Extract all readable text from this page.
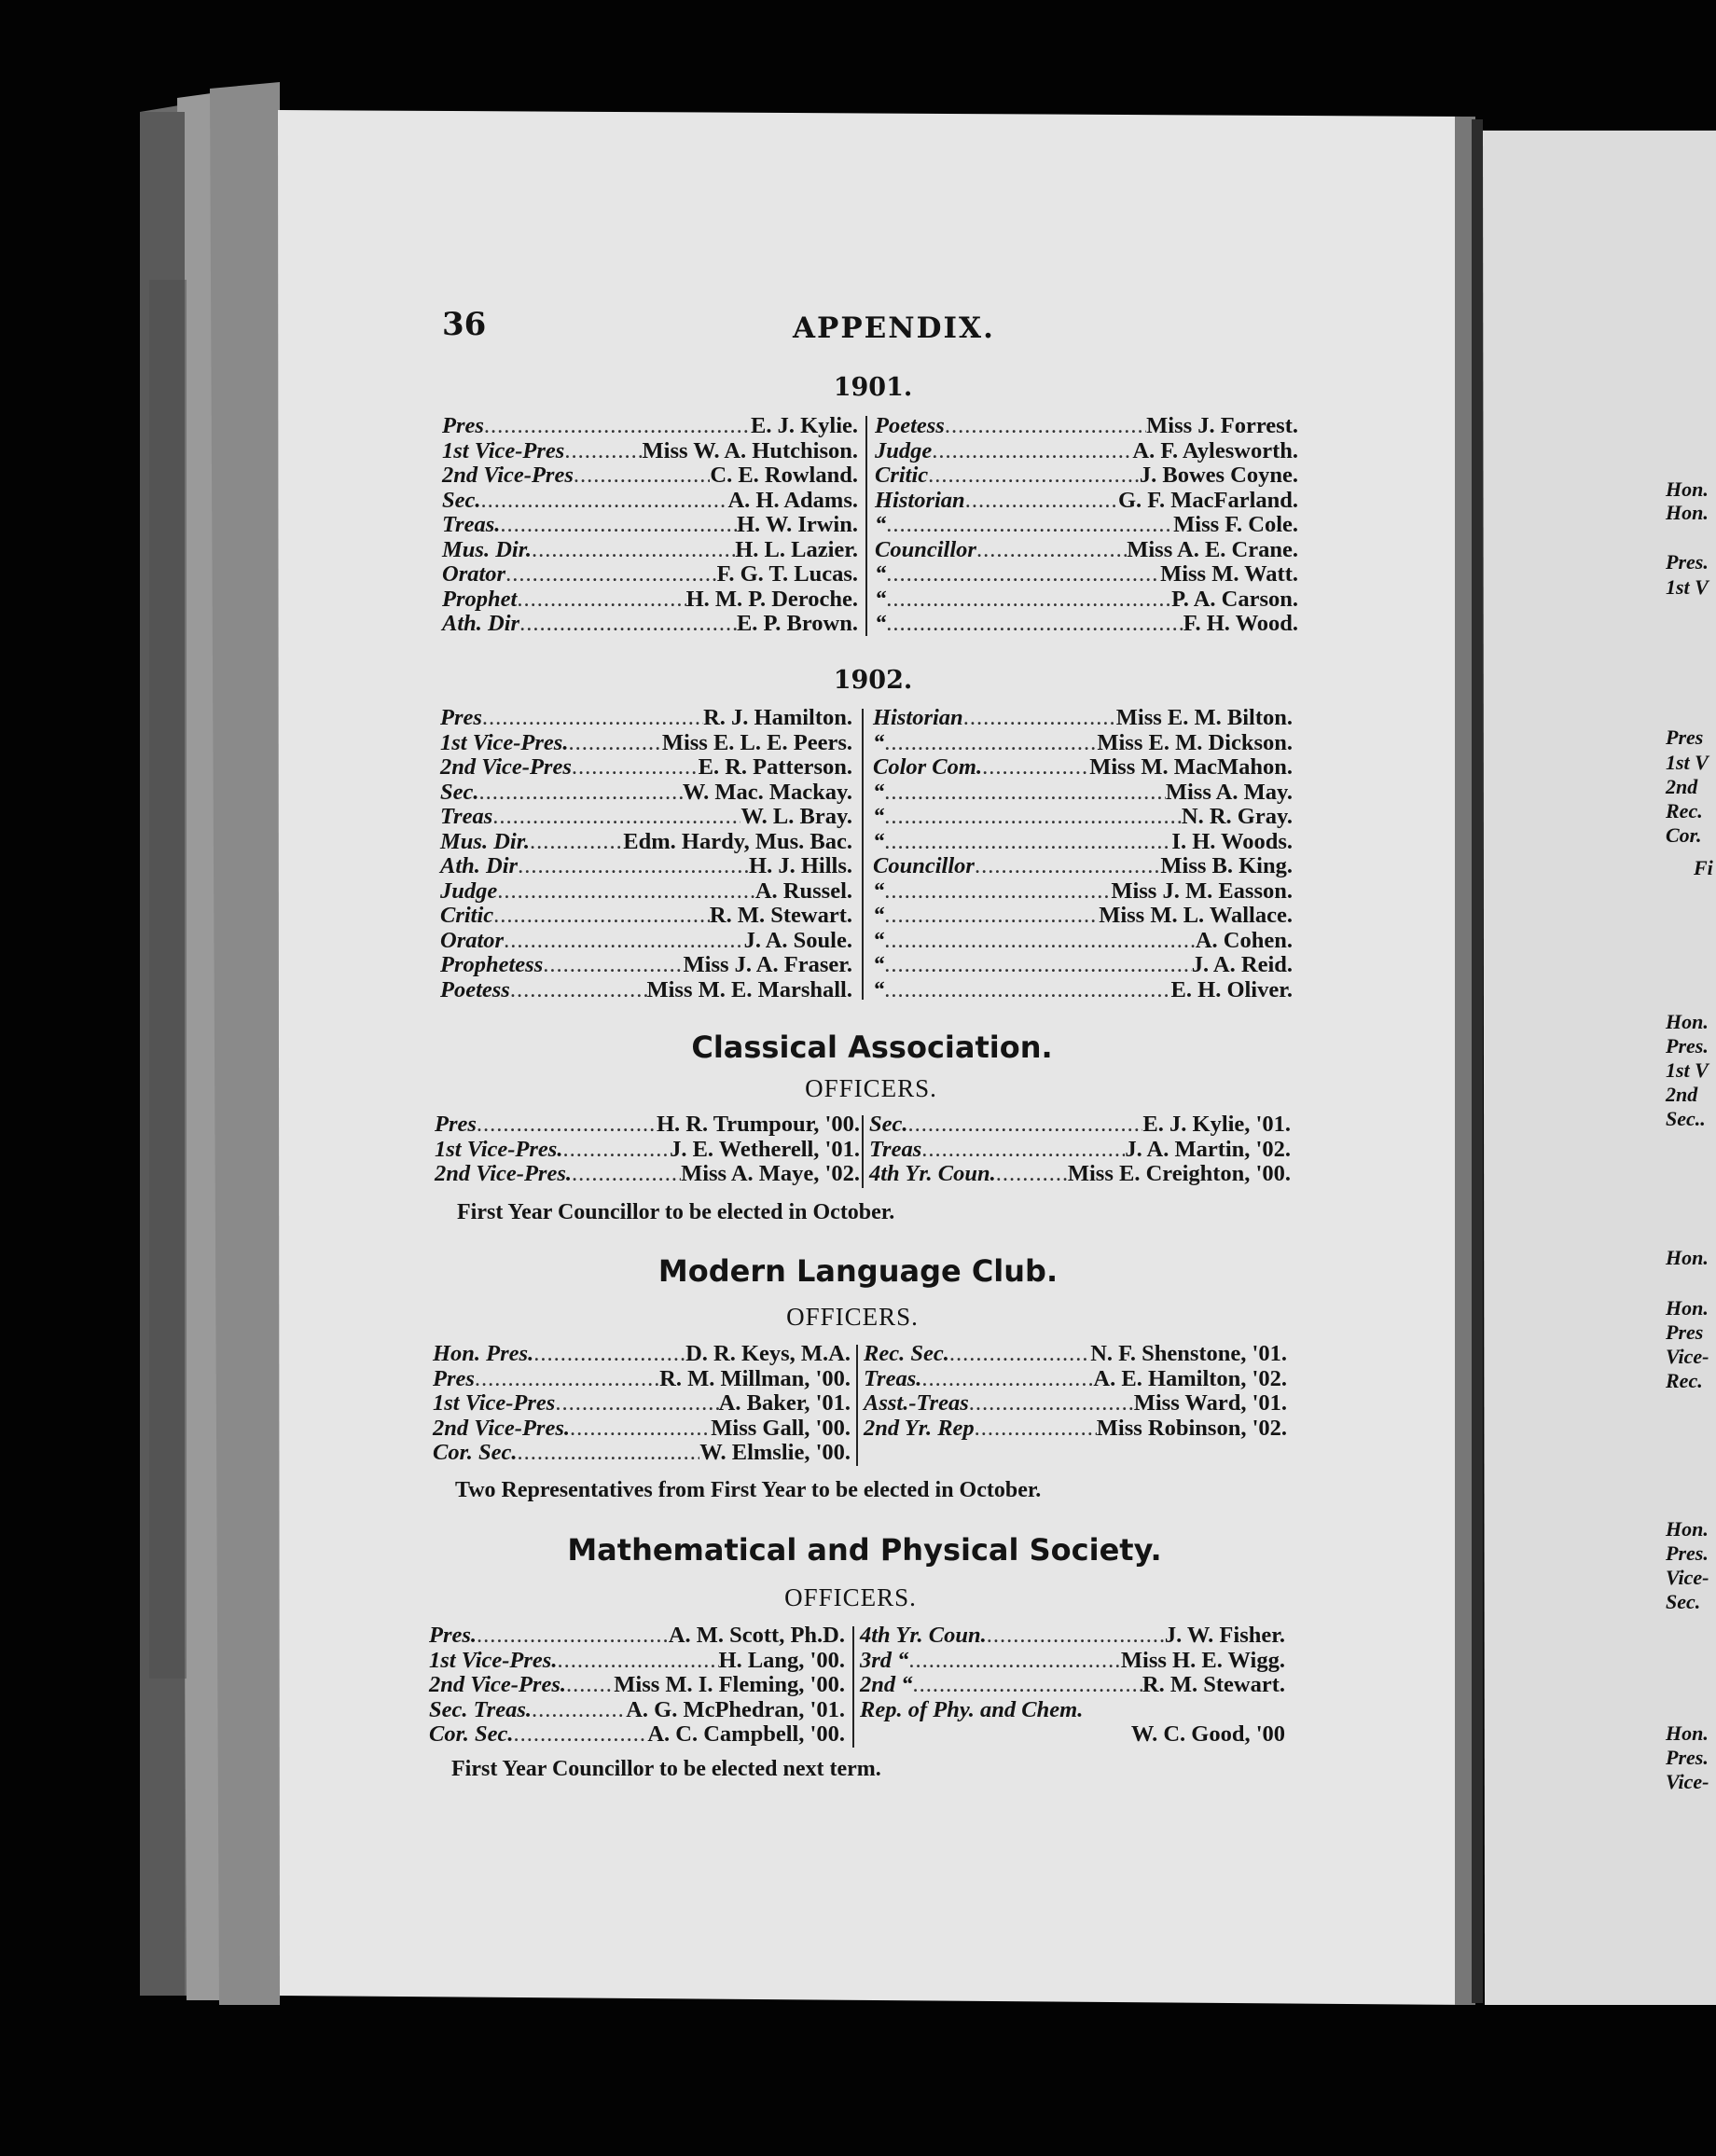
36	APPENDIX.
1901.
Pres .....	E. J. Kylie.
1st Vice-Pres .....	Miss W. A. Hutchison.
2nd Vice-Pres .....	C. E. Rowland.
Sec. .....	A. H. Adams.
Treas. .....	H. W. Irwin.
Mus. Dir. .....	H. L. Lazier.
Orator .....	F. G. T. Lucas.
Prophet .....	H. M. P. Deroche.
Ath. Dir .....	E. P. Brown.
Poetess .....	Miss J. Forrest.
Judge .....	A. F. Aylesworth.
Critic .....	J. Bowes Coyne.
Historian .....	G. F. MacFarland.
“ .....	Miss F. Cole.
Councillor .....	Miss A. E. Crane.
“ .....	Miss M. Watt.
“ .....	P. A. Carson.
“ .....	F. H. Wood.
1902.
Pres .....	R. J. Hamilton.
1st Vice-Pres. .....	Miss E. L. E. Peers.
2nd Vice-Pres .....	E. R. Patterson.
Sec. .....	W. Mac. Mackay.
Treas .....	W. L. Bray.
Mus. Dir. .....	Edm. Hardy, Mus. Bac.
Ath. Dir .....	H. J. Hills.
Judge .....	A. Russel.
Critic .....	R. M. Stewart.
Orator .....	J. A. Soule.
Prophetess .....	Miss J. A. Fraser.
Poetess .....	Miss M. E. Marshall.
Historian .....	Miss E. M. Bilton.
“ .....	Miss E. M. Dickson.
Color Com. .....	Miss M. MacMahon.
“ .....	Miss A. May.
“ .....	N. R. Gray.
“ .....	I. H. Woods.
Councillor .....	Miss B. King.
“ .....	Miss J. M. Easson.
“ .....	Miss M. L. Wallace.
“ .....	A. Cohen.
“ .....	J. A. Reid.
“ .....	E. H. Oliver.
Classical Association.
OFFICERS.
Pres .....	H. R. Trumpour, '00.
1st Vice-Pres. .....	J. E. Wetherell, '01.
2nd Vice-Pres. .....	Miss A. Maye, '02.
Sec. .....	E. J. Kylie, '01.
Treas .....	J. A. Martin, '02.
4th Yr. Coun. .....	Miss E. Creighton, '00.
First Year Councillor to be elected in October.
Modern Language Club.
OFFICERS.
Hon. Pres. .....	D. R. Keys, M.A.
Pres .....	R. M. Millman, '00.
1st Vice-Pres .....	A. Baker, '01.
2nd Vice-Pres. .....	Miss Gall, '00.
Cor. Sec. .....	W. Elmslie, '00.
Rec. Sec. .....	N. F. Shenstone, '01.
Treas. .....	A. E. Hamilton, '02.
Asst.-Treas .....	Miss Ward, '01.
2nd Yr. Rep .....	Miss Robinson, '02.
Two Representatives from First Year to be elected in October.
Mathematical and Physical Society.
OFFICERS.
Pres. .....	A. M. Scott, Ph.D.
1st Vice-Pres. .....	H. Lang, '00.
2nd Vice-Pres. ..... Miss M. I. Fleming, '00.
Sec. Treas. .....	A. G. McPhedran, '01.
Cor. Sec. .....	A. C. Campbell, '00.
4th Yr. Coun. .....	J. W. Fisher.
3rd “ .....	Miss H. E. Wigg.
2nd “ .....	R. M. Stewart.
Rep. of Phy. and Chem.
W. C. Good, '00
First Year Councillor to be elected next term.
Hon.
Hon.
Pres.
1st V
Pres
1st V
2nd
Rec.
Cor.
Fi
Hon.
Pres.
1st V
2nd
Sec..
Hon.
Hon.
Pres
Vice-
Rec.
Hon.
Pres.
Vice-
Sec.
Hon.
Pres.
Vice-
